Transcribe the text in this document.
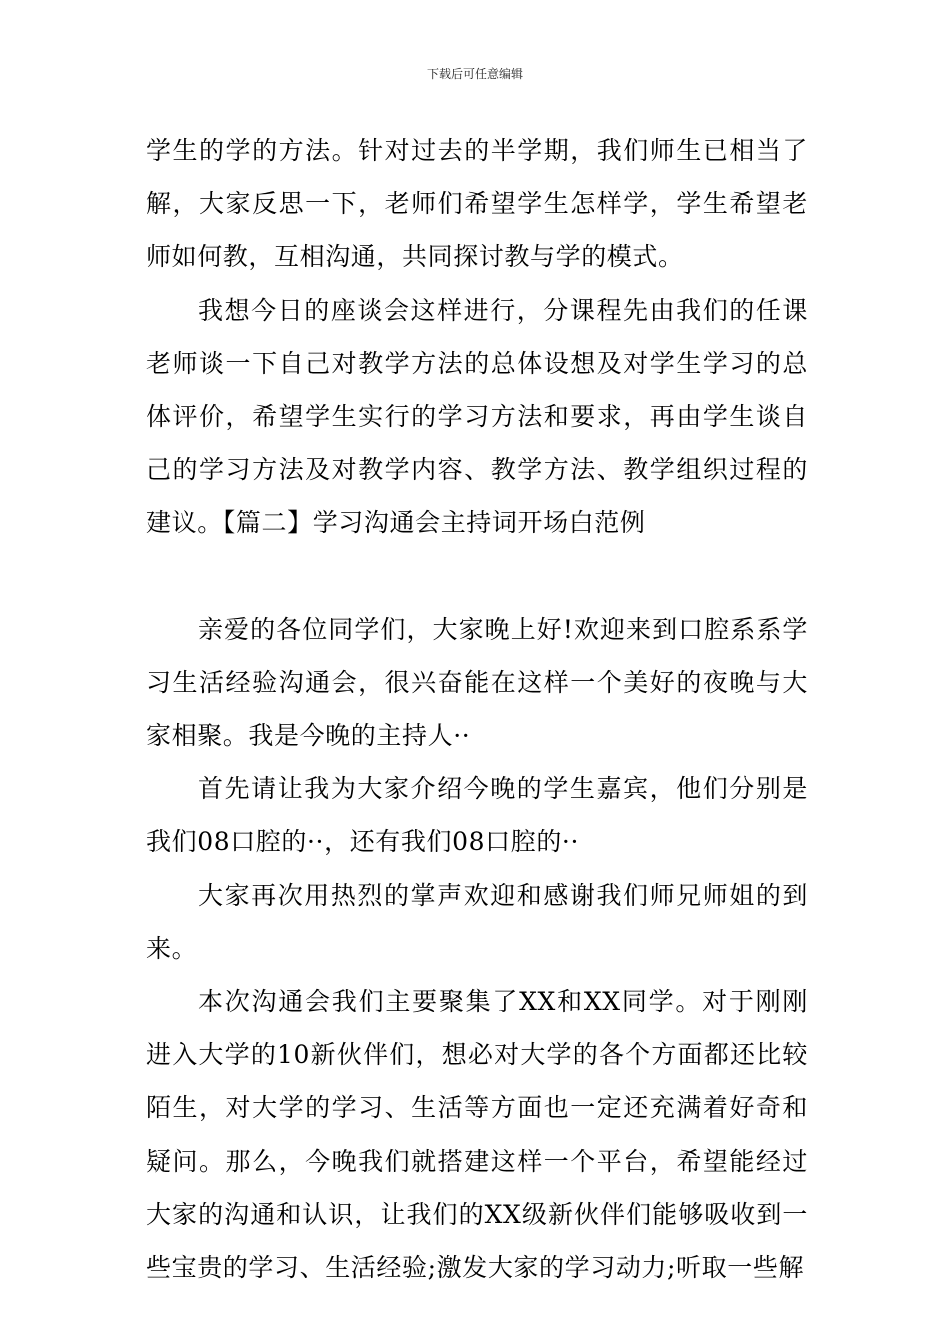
下载后可任意编辑

学生的学的方法。针对过去的半学期，我们师生已相当了解，大家反思一下，老师们希望学生怎样学，学生希望老师如何教，互相沟通，共同探讨教与学的模式。

我想今日的座谈会这样进行，分课程先由我们的任课老师谈一下自己对教学方法的总体设想及对学生学习的总体评价，希望学生实行的学习方法和要求，再由学生谈自己的学习方法及对教学内容、教学方法、教学组织过程的建议。【篇二】学习沟通会主持词开场白范例

亲爱的各位同学们，大家晚上好!欢迎来到口腔系系学习生活经验沟通会，很兴奋能在这样一个美好的夜晚与大家相聚。我是今晚的主持人··

首先请让我为大家介绍今晚的学生嘉宾，他们分别是我们08口腔的··，还有我们08口腔的··

大家再次用热烈的掌声欢迎和感谢我们师兄师姐的到来。

本次沟通会我们主要聚集了XX和XX同学。对于刚刚进入大学的10新伙伴们，想必对大学的各个方面都还比较陌生，对大学的学习、生活等方面也一定还充满着好奇和疑问。那么，今晚我们就搭建这样一个平台，希望能经过大家的沟通和认识，让我们的XX级新伙伴们能够吸收到一些宝贵的学习、生活经验;激发大家的学习动力;听取一些解
